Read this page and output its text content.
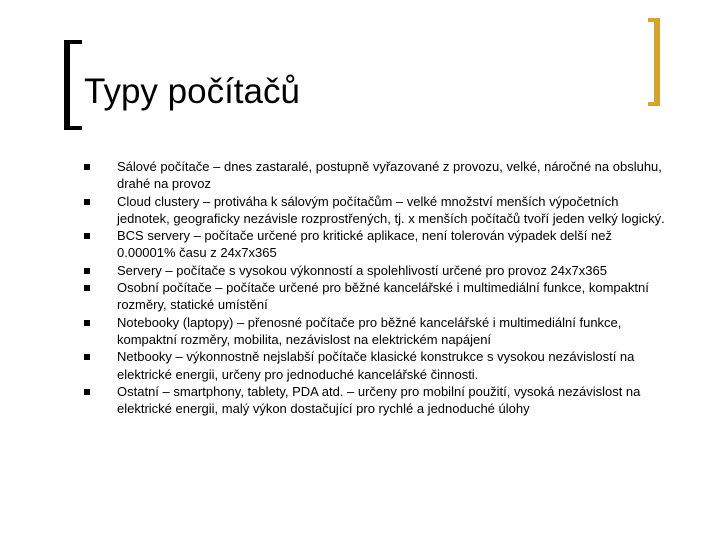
Typy počítačů
Sálové počítače – dnes zastaralé, postupně vyřazované z provozu, velké, náročné na obsluhu, drahé na provoz
Cloud clustery – protiváha k sálovým počítačům – velké množství menších výpočetních jednotek, geograficky nezávisle rozprostřených, tj. x menších počítačů tvoří jeden velký logický.
BCS servery – počítače určené pro kritické aplikace, není tolerován výpadek delší než 0.00001% času z 24x7x365
Servery – počítače s vysokou výkonností a spolehlivostí určené pro provoz 24x7x365
Osobní počítače – počítače určené pro běžné kancelářské i multimediální funkce, kompaktní rozměry, statické umístění
Notebooky (laptopy) – přenosné počítače pro běžné kancelářské i multimediální funkce, kompaktní rozměry, mobilita, nezávislost na elektrickém napájení
Netbooky – výkonnostně nejslabší počítače klasické konstrukce s vysokou nezávislostí na elektrické energii, určeny pro jednoduché kancelářské činnosti.
Ostatní – smartphony, tablety, PDA atd. – určeny pro mobilní použití, vysoká nezávislost na elektrické energii, malý výkon dostačující pro rychlé a jednoduché úlohy
